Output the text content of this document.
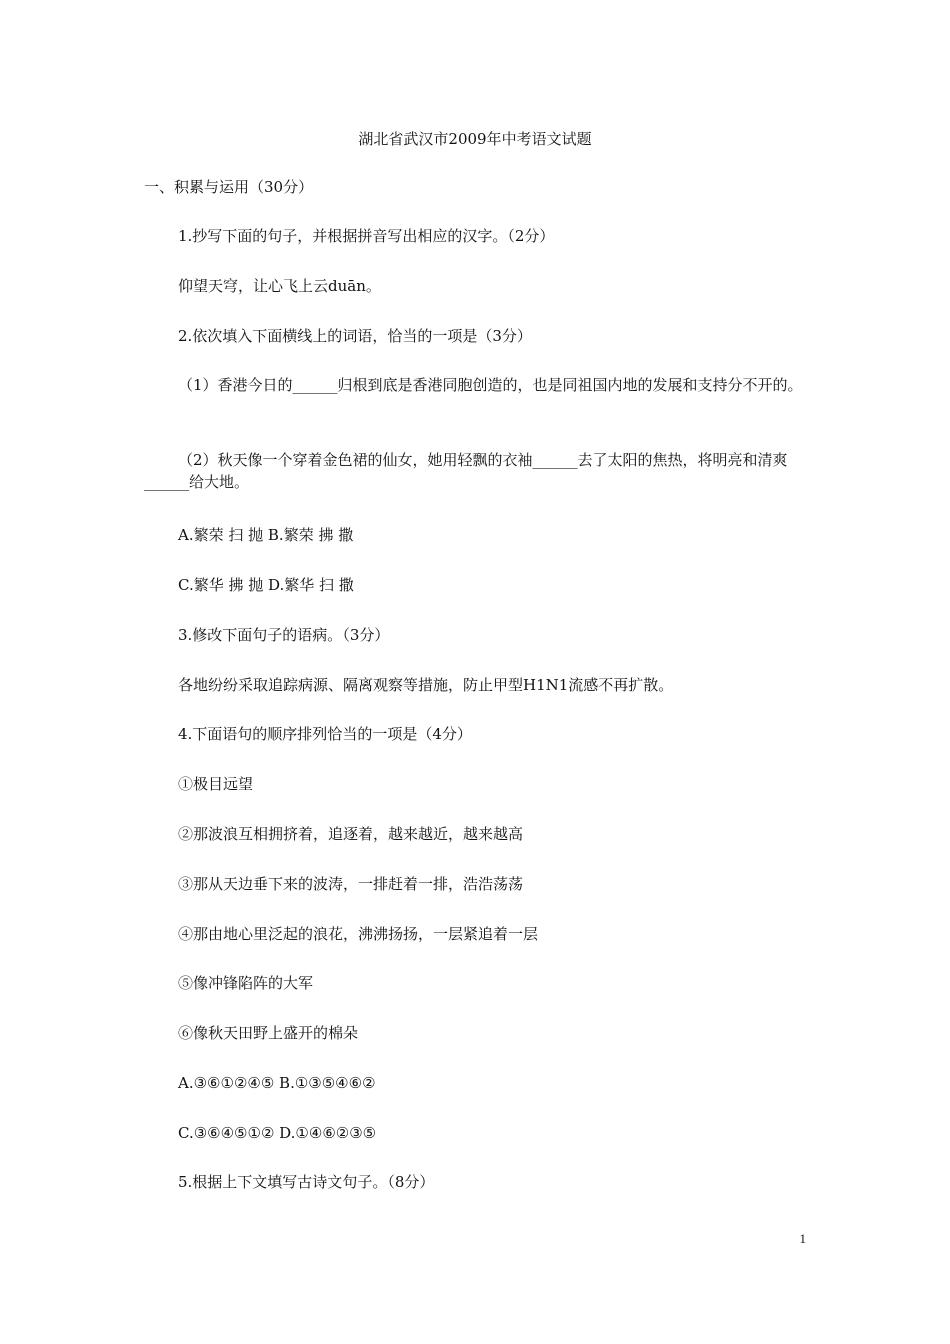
湖北省武汉市2009年中考语文试题
一、积累与运用（30分）
1.抄写下面的句子，并根据拼音写出相应的汉字。（2分）
仰望天穹，让心飞上云duān。
2.依次填入下面横线上的词语，恰当的一项是（3分）
（1）香港今日的______归根到底是香港同胞创造的，也是同祖国内地的发展和支持分不开的。
（2）秋天像一个穿着金色裙的仙女，她用轻飘的衣袖______去了太阳的焦热，将明亮和清爽______给大地。
A.繁荣 扫 抛 B.繁荣 拂 撒
C.繁华 拂 抛 D.繁华 扫 撒
3.修改下面句子的语病。（3分）
各地纷纷采取追踪病源、隔离观察等措施，防止甲型H1N1流感不再扩散。
4.下面语句的顺序排列恰当的一项是（4分）
①极目远望
②那波浪互相拥挤着，追逐着，越来越近，越来越高
③那从天边垂下来的波涛，一排赶着一排，浩浩荡荡
④那由地心里泛起的浪花，沸沸扬扬，一层紧追着一层
⑤像冲锋陷阵的大军
⑥像秋天田野上盛开的棉朵
A.③⑥①②④⑤ B.①③⑤④⑥②
C.③⑥④⑤①② D.①④⑥②③⑤
5.根据上下文填写古诗文句子。（8分）
1
